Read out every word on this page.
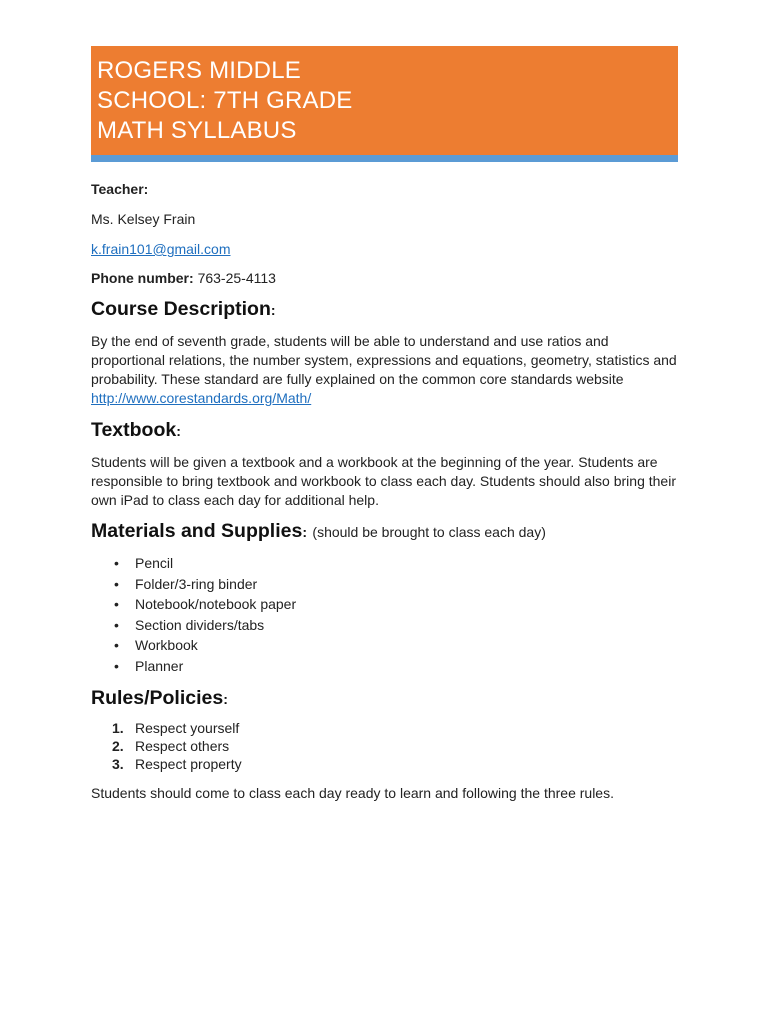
ROGERS MIDDLE
SCHOOL: 7TH GRADE
MATH SYLLABUS

Teacher:

Ms. Kelsey Frain

k.frain101@gmail.com

Phone number: 763-25-4113

Course Description:

By the end of seventh grade, students will be able to understand and use ratios and proportional relations, the number system, expressions and equations, geometry, statistics and probability. These standard are fully explained on the common core standards website http://www.corestandards.org/Math/

Textbook:

Students will be given a textbook and a workbook at the beginning of the year. Students are responsible to bring textbook and workbook to class each day. Students should also bring their own iPad to class each day for additional help.

Materials and Supplies: (should be brought to class each day)
• Pencil
• Folder/3-ring binder
• Notebook/notebook paper
• Section dividers/tabs
• Workbook
• Planner
Rules/Policies:
1. Respect yourself
2. Respect others
3. Respect property

Students should come to class each day ready to learn and following the three rules.
